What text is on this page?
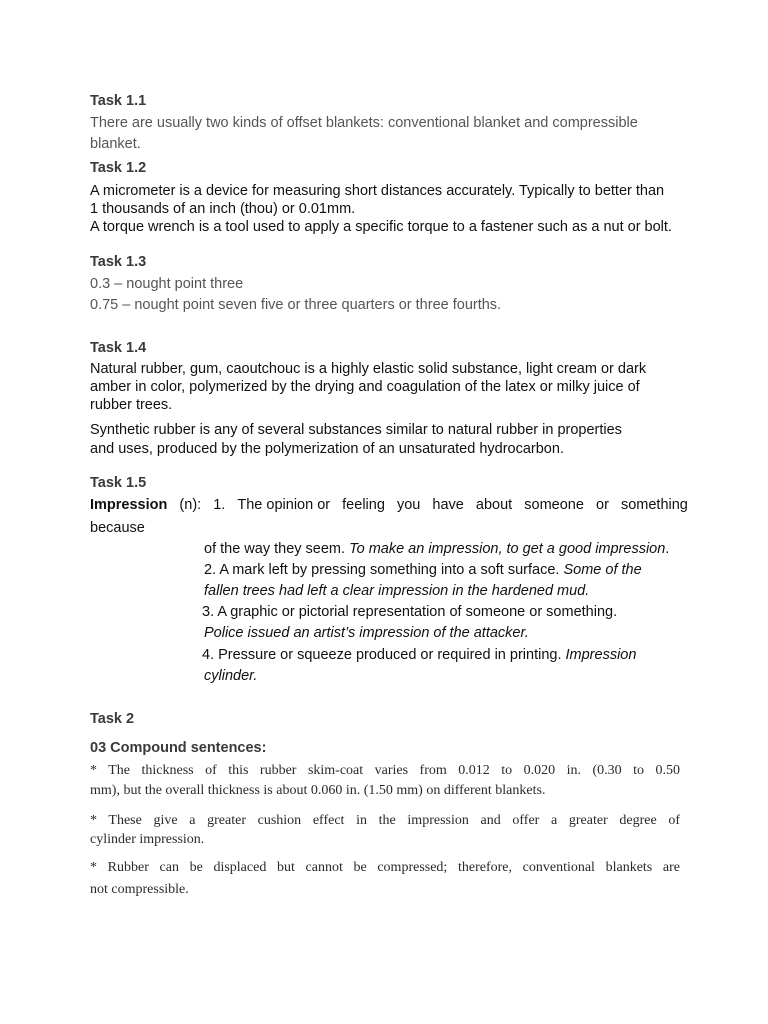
Task 1.1
There are usually two kinds of offset blankets: conventional blanket and compressible
blanket.
Task 1.2
A micrometer is a device for measuring short distances accurately. Typically to better than
1 thousands of an inch (thou) or 0.01mm.
A torque wrench is a tool used to apply a specific torque to a fastener such as a nut or bolt.
Task 1.3
0.3 – nought point three
0.75 – nought point seven five or three quarters or three fourths.
Task 1.4
Natural rubber, gum, caoutchouc is a highly elastic solid substance, light cream or dark
amber in color, polymerized by the drying and coagulation of the latex or milky juice of
rubber trees.
Synthetic rubber is any of several substances similar to natural rubber in properties
and uses, produced by the polymerization of an unsaturated hydrocarbon.
Task 1.5
Impression (n): 1. The opinion or feeling you have about someone or something
because
of the way they seem. To make an impression, to get a good impression.
2. A mark left by pressing something into a soft surface. Some of the
fallen trees had left a clear impression in the hardened mud.
3. A graphic or pictorial representation of someone or something.
Police issued an artist’s impression of the attacker.
4. Pressure or squeeze produced or required in printing. Impression
cylinder.
Task 2
03 Compound sentences:
* The thickness of this rubber skim-coat varies from 0.012 to 0.020 in. (0.30 to 0.50
mm), but the overall thickness is about 0.060 in. (1.50 mm) on different blankets.
* These give a greater cushion effect in the impression and offer a greater degree of
cylinder impression.
* Rubber can be displaced but cannot be compressed; therefore, conventional blankets are
not compressible.
